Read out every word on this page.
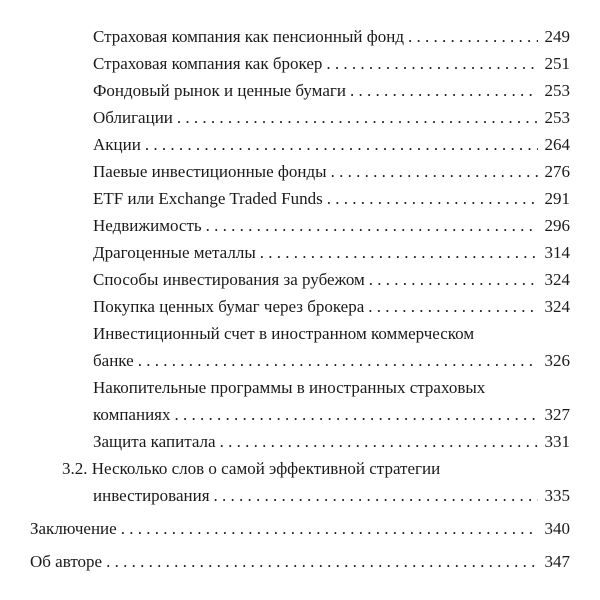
Страховая компания как пенсионный фонд . . .	249
Страховая компания как брокер . . .	251
Фондовый рынок и ценные бумаги . . .	253
Облигации . . .	253
Акции . . .	264
Паевые инвестиционные фонды . . .	276
ETF или Exchange Traded Funds . . .	291
Недвижимость . . .	296
Драгоценные металлы . . .	314
Способы инвестирования за рубежом . . .	324
Покупка ценных бумаг через брокера . . .	324
Инвестиционный счет в иностранном коммерческом
банке . . .	326
Накопительные программы в иностранных страховых
компаниях . . .	327
Защита капитала . . .	331
3.2. Несколько слов о самой эффективной стратегии
инвестирования . . .	335
Заключение . . .	340
Об авторе . . .	347
